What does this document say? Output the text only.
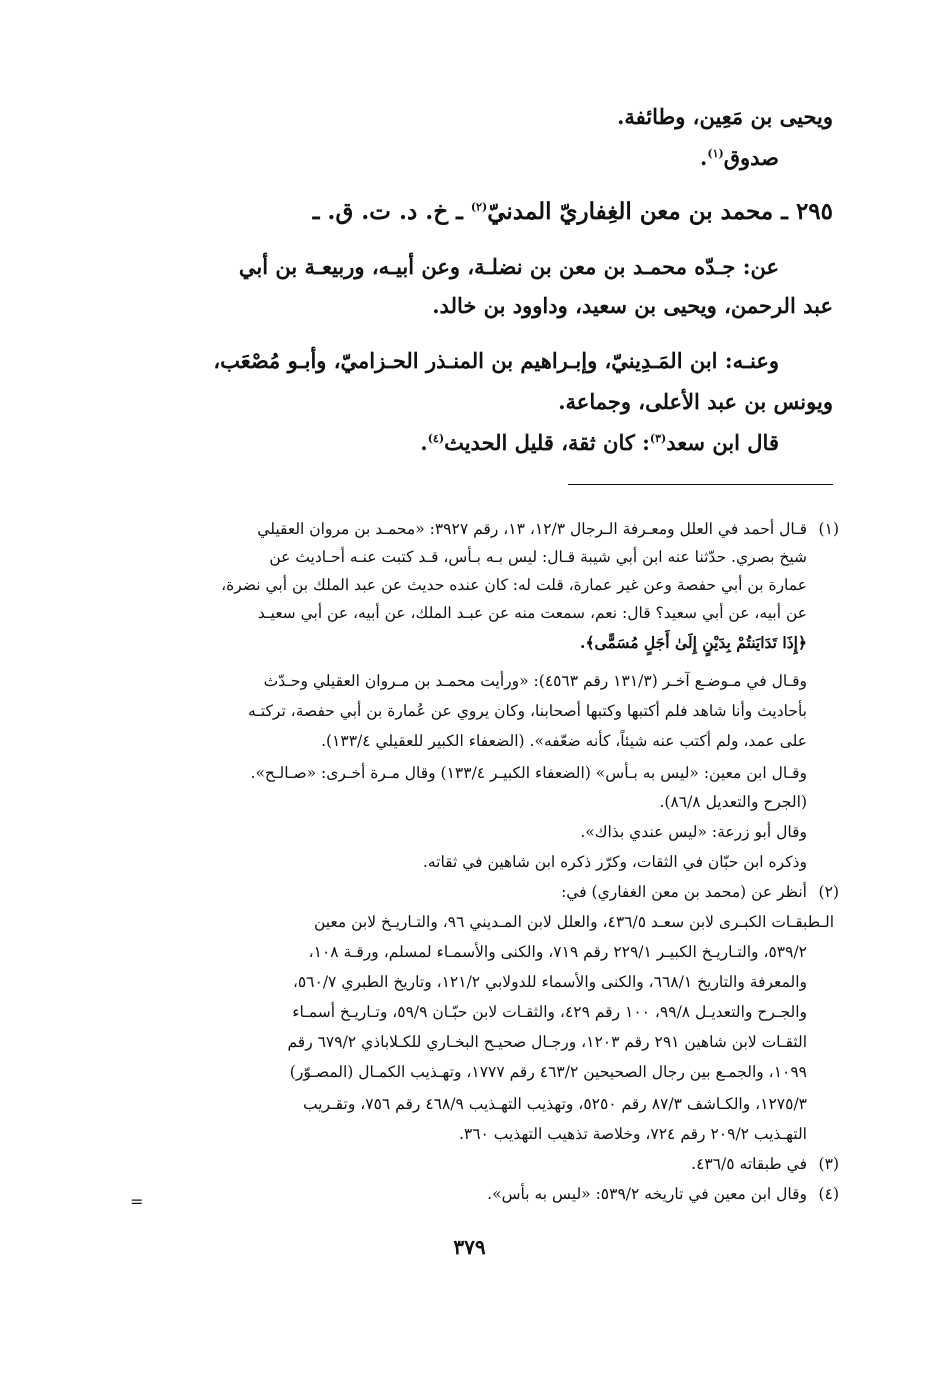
ويحيى بن مَعِين، وطائفة.
صدوق$^{(١)}$.
٢٩٥ ـ محمد بن معن الغِفاريّ المدنيّ$^{(٢)}$ ـ خ. د. ت. ق. ـ
عن: جـدّه محمـد بن معن بن نضلـة، وعن أبيـه، وربيعـة بن أبي
عبد الرحمن، ويحيى بن سعيد، وداوود بن خالد.
وعنـه: ابن المَـدِينيّ، وإبـراهيم بن المنـذر الحـزاميّ، وأبـو مُصْعَب،
ويونس بن عبد الأعلى، وجماعة.
قال ابن سعد$^{(٣)}$: كان ثقة، قليل الحديث$^{(٤)}$.
(١)
قـال أحمد في العلل ومعـرفة الـرجال ١٢/٣، ١٣، رقم ٣٩٢٧: «محمـد بن مروان العقيلي
شيخ بصري. حدّثنا عنه ابن أبي شيبة قـال: ليس بـه بـأس، قـد كتبت عنـه أحـاديث عن
عمارة بن أبي حفصة وعن غير عمارة، قلت له: كان عنده حديث عن عبد الملك بن أبي نضرة،
عن أبيه، عن أبي سعيد؟ قال: نعم، سمعت منه عن عبـد الملك، عن أبيه، عن أبي سعيـد
﴿إِذَا تَدَايَنتُمْ بِدَيْنٍ إِلَىٰ أَجَلٍ مُسَمًّى﴾.
وقـال في مـوضـع آخـر (١٣١/٣ رقم ٤٥٦٣): «ورأيت محمـد بن مـروان العقيلي وحـدّث
بأحاديث وأنا شاهد فلم أكتبها وكتبها أصحابنا، وكان يروي عن عُمارة بن أبي حفصة، تركتـه
على عمد، ولم أكتب عنه شيئاً، كأنه ضعّفه». (الضعفاء الكبير للعقيلي ١٣٣/٤).
وقـال ابن معين: «ليس به بـأس» (الضعفاء الكبيـر ١٣٣/٤) وقال مـرة أخـرى: «صـالـح».
(الجرح والتعديل ٨٦/٨).
وقال أبو زرعة: «ليس عندي بذاك».
وذكره ابن حبّان في الثقات، وكرّر ذكره ابن شاهين في ثقاته.
(٢)
أنظر عن (محمد بن معن الغفاري) في:
الـطبقـات الكبـرى لابن سعـد ٤٣٦/٥، والعلل لابن المـديني ٩٦، والتـاريـخ لابن معين
٥٣٩/٢، والتـاريـخ الكبيـر ٢٢٩/١ رقم ٧١٩، والكنى والأسمـاء لمسلم، ورقـة ١٠٨،
والمعرفة والتاريخ ٦٦٨/١، والكنى والأسماء للدولابي ١٢١/٢، وتاريخ الطبري ٥٦٠/٧،
والجـرح والتعديـل ٩٩/٨، ١٠٠ رقم ٤٢٩، والثقـات لابن حبّـان ٥٩/٩، وتـاريـخ أسمـاء
الثقـات لابن شاهين ٢٩١ رقم ١٢٠٣، ورجـال صحيـح البخـاري للكـلاباذي ٦٧٩/٢ رقم
١٠٩٩، والجمـع بين رجال الصحيحين ٤٦٣/٢ رقم ١٧٧٧، وتهـذيب الكمـال (المصـوّر)
١٢٧٥/٣، والكـاشف ٨٧/٣ رقم ٥٢٥٠، وتهذيب التهـذيب ٤٦٨/٩ رقم ٧٥٦، وتقـريب
التهـذيب ٢٠٩/٢ رقم ٧٢٤، وخلاصة تذهيب التهذيب ٣٦٠.
(٣)
في طبقاته ٤٣٦/٥.
(٤)
وقال ابن معين في تاريخه ٥٣٩/٢: «ليس به بأس».
=
٣٧٩
